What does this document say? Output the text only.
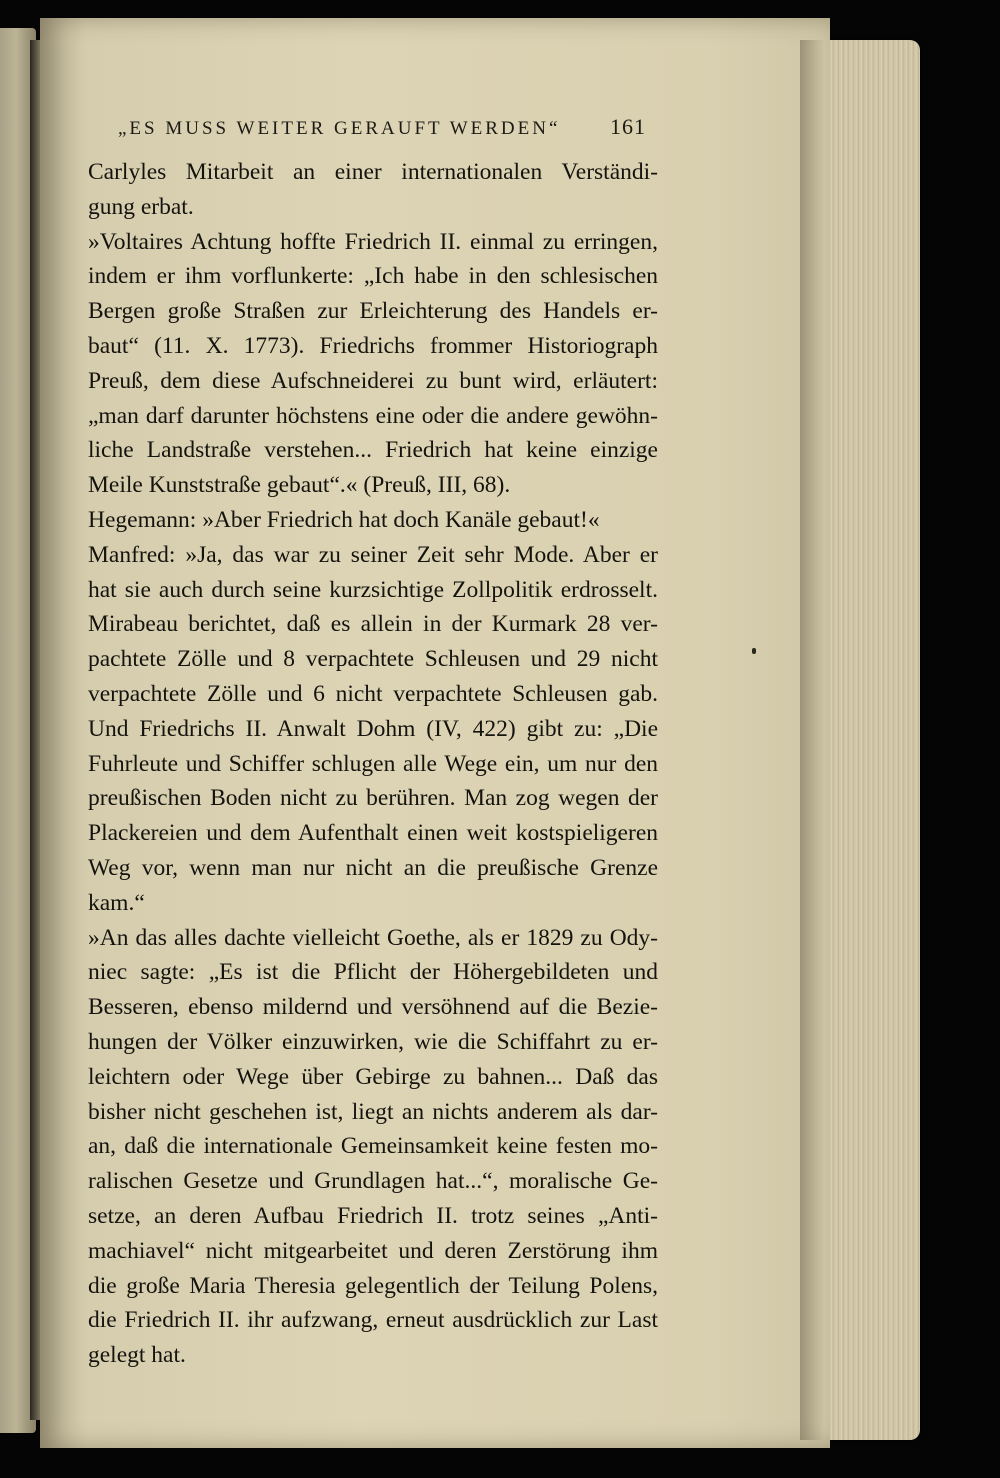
„ES MUSS WEITER GERAUFT WERDEN“ 161
Carlyles Mitarbeit an einer internationalen Verständi-
gung erbat.
»Voltaires Achtung hoffte Friedrich II. einmal zu erringen,
indem er ihm vorflunkerte: „Ich habe in den schlesischen
Bergen große Straßen zur Erleichterung des Handels er-
baut“ (11. X. 1773). Friedrichs frommer Historiograph
Preuß, dem diese Aufschneiderei zu bunt wird, erläutert:
„man darf darunter höchstens eine oder die andere gewöhn-
liche Landstraße verstehen... Friedrich hat keine einzige
Meile Kunststraße gebaut“.« (Preuß, III, 68).
Hegemann: »Aber Friedrich hat doch Kanäle gebaut!«
Manfred: »Ja, das war zu seiner Zeit sehr Mode. Aber er
hat sie auch durch seine kurzsichtige Zollpolitik erdrosselt.
Mirabeau berichtet, daß es allein in der Kurmark 28 ver-
pachtete Zölle und 8 verpachtete Schleusen und 29 nicht
verpachtete Zölle und 6 nicht verpachtete Schleusen gab.
Und Friedrichs II. Anwalt Dohm (IV, 422) gibt zu: „Die
Fuhrleute und Schiffer schlugen alle Wege ein, um nur den
preußischen Boden nicht zu berühren. Man zog wegen der
Plackereien und dem Aufenthalt einen weit kostspieligeren
Weg vor, wenn man nur nicht an die preußische Grenze
kam.“
»An das alles dachte vielleicht Goethe, als er 1829 zu Ody-
niec sagte: „Es ist die Pflicht der Höhergebildeten und
Besseren, ebenso mildernd und versöhnend auf die Bezie-
hungen der Völker einzuwirken, wie die Schiffahrt zu er-
leichtern oder Wege über Gebirge zu bahnen... Daß das
bisher nicht geschehen ist, liegt an nichts anderem als dar-
an, daß die internationale Gemeinsamkeit keine festen mo-
ralischen Gesetze und Grundlagen hat...“, moralische Ge-
setze, an deren Aufbau Friedrich II. trotz seines „Anti-
machiavel“ nicht mitgearbeitet und deren Zerstörung ihm
die große Maria Theresia gelegentlich der Teilung Polens,
die Friedrich II. ihr aufzwang, erneut ausdrücklich zur Last
gelegt hat.
